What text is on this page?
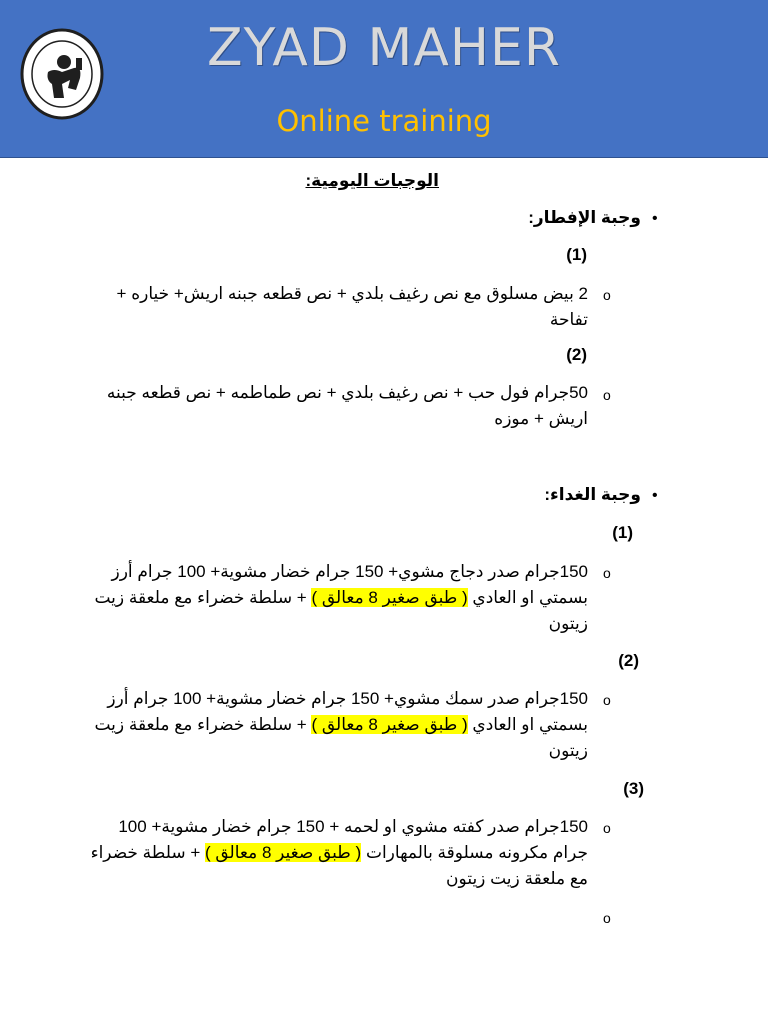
ZYAD MAHER
Online training
الوجبات اليومية:
•
وجبة الإفطار:
(1)
o
2 بيض مسلوق مع نص رغيف بلدي + نص قطعه جبنه اريش+ خياره +
تفاحة
(2)
o
50جرام فول حب + نص رغيف بلدي + نص طماطمه + نص قطعه جبنه
اريش + موزه
•
وجبة الغداء:
(1)
o
150جرام صدر دجاج مشوي+ 150 جرام خضار مشوية+ 100 جرام أرز
بسمتي او العادي ( طبق صغير 8 معالق ) + سلطة خضراء مع ملعقة زيت
زيتون
(2)
o
150جرام صدر سمك مشوي+ 150 جرام خضار مشوية+ 100 جرام أرز
بسمتي او العادي ( طبق صغير 8 معالق ) + سلطة خضراء مع ملعقة زيت
زيتون
(3)
o
150جرام صدر كفته مشوي او لحمه + 150 جرام خضار مشوية+ 100
جرام مكرونه مسلوقة بالمهارات ( طبق صغير 8 معالق ) + سلطة خضراء
مع ملعقة زيت زيتون
o
